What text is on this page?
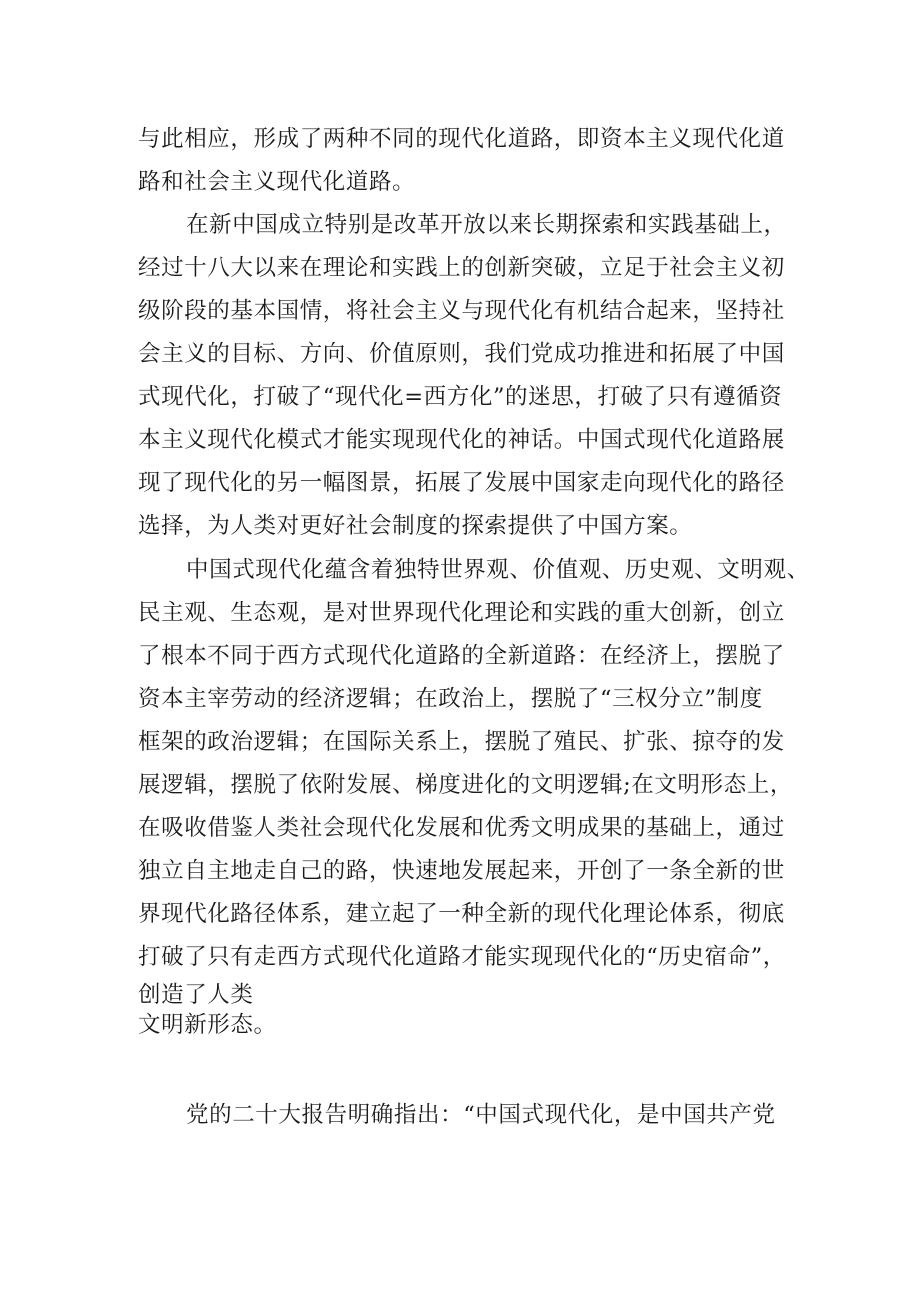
与此相应，形成了两种不同的现代化道路，即资本主义现代化道

路和社会主义现代化道路。

在新中国成立特别是改革开放以来长期探索和实践基础上，

经过十八大以来在理论和实践上的创新突破，立足于社会主义初

级阶段的基本国情，将社会主义与现代化有机结合起来，坚持社

会主义的目标、方向、价值原则，我们党成功推进和拓展了中国

式现代化，打破了“现代化=西方化”的迷思，打破了只有遵循资

本主义现代化模式才能实现现代化的神话。中国式现代化道路展

现了现代化的另一幅图景，拓展了发展中国家走向现代化的路径

选择，为人类对更好社会制度的探索提供了中国方案。

中国式现代化蕴含着独特世界观、价值观、历史观、文明观、

民主观、生态观，是对世界现代化理论和实践的重大创新，创立

了根本不同于西方式现代化道路的全新道路：在经济上，摆脱了

资本主宰劳动的经济逻辑；在政治上，摆脱了“三权分立”制度

框架的政治逻辑；在国际关系上，摆脱了殖民、扩张、掠夺的发

展逻辑，摆脱了依附发展、梯度进化的文明逻辑;在文明形态上，

在吸收借鉴人类社会现代化发展和优秀文明成果的基础上，通过

独立自主地走自己的路，快速地发展起来，开创了一条全新的世

界现代化路径体系，建立起了一种全新的现代化理论体系，彻底

打破了只有走西方式现代化道路才能实现现代化的“历史宿命”，

创造了人类

文明新形态。

党的二十大报告明确指出：“中国式现代化，是中国共产党
